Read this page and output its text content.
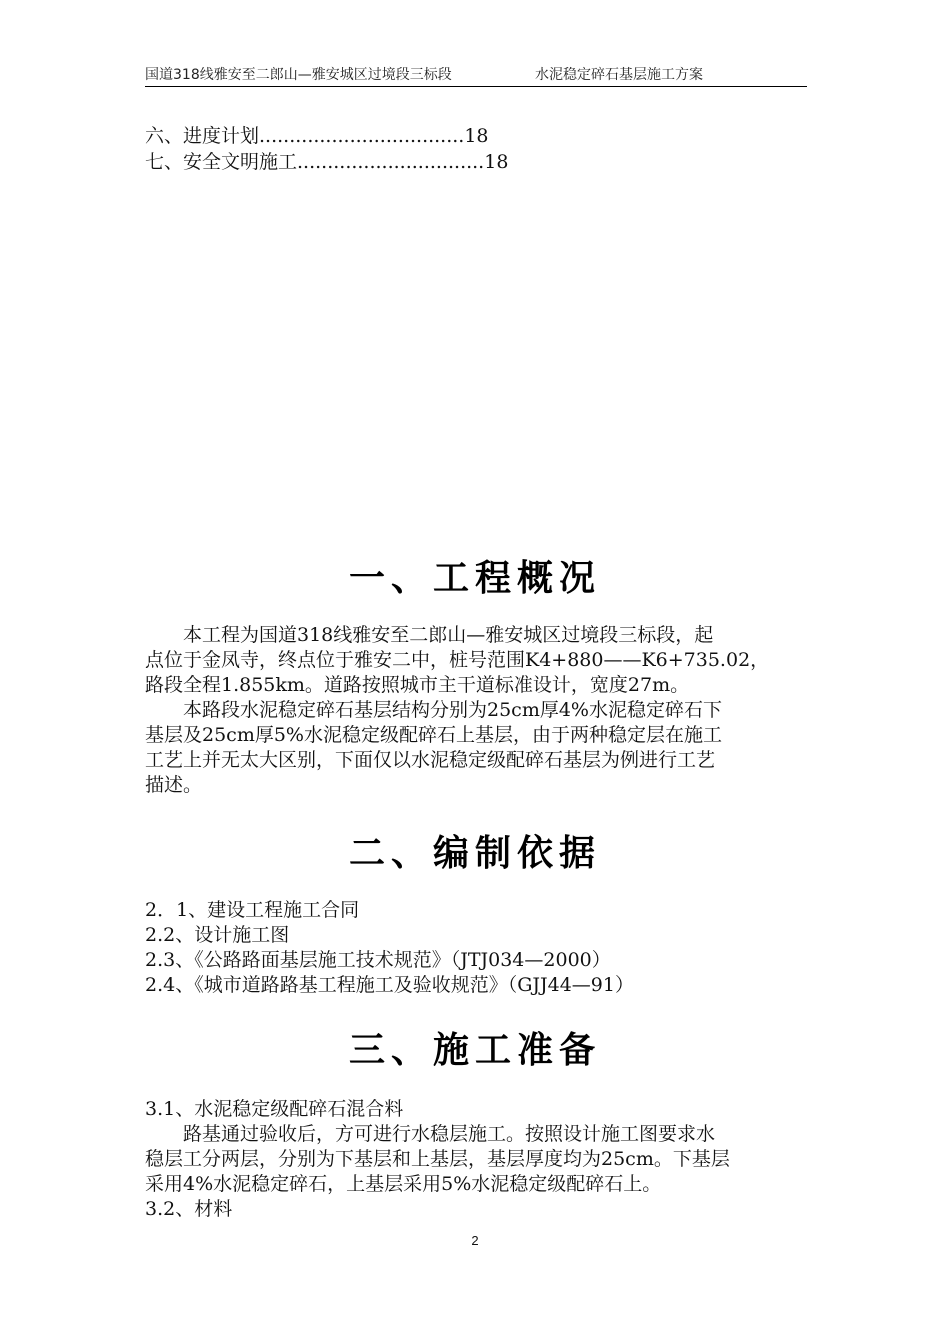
国道318线雅安至二郎山—雅安城区过境段三标段	水泥稳定碎石基层施工方案
六、进度计划..................................18
七、安全文明施工...............................18
一、工程概况
　　本工程为国道318线雅安至二郎山—雅安城区过境段三标段，起
点位于金凤寺，终点位于雅安二中，桩号范围K4+880——K6+735.02，
路段全程1.855km。道路按照城市主干道标准设计，宽度27m。
　　本路段水泥稳定碎石基层结构分别为25cm厚4%水泥稳定碎石下
基层及25cm厚5%水泥稳定级配碎石上基层，由于两种稳定层在施工
工艺上并无太大区别，下面仅以水泥稳定级配碎石基层为例进行工艺
描述。
二、编制依据
2．1、建设工程施工合同
2.2、设计施工图
2.3、《公路路面基层施工技术规范》（JTJ034—2000）
2.4、《城市道路路基工程施工及验收规范》（GJJ44—91）
三、施工准备
3.1、水泥稳定级配碎石混合料
　　路基通过验收后，方可进行水稳层施工。按照设计施工图要求水
稳层工分两层，分别为下基层和上基层，基层厚度均为25cm。下基层
采用4%水泥稳定碎石，上基层采用5%水泥稳定级配碎石上。
3.2、材料
2
